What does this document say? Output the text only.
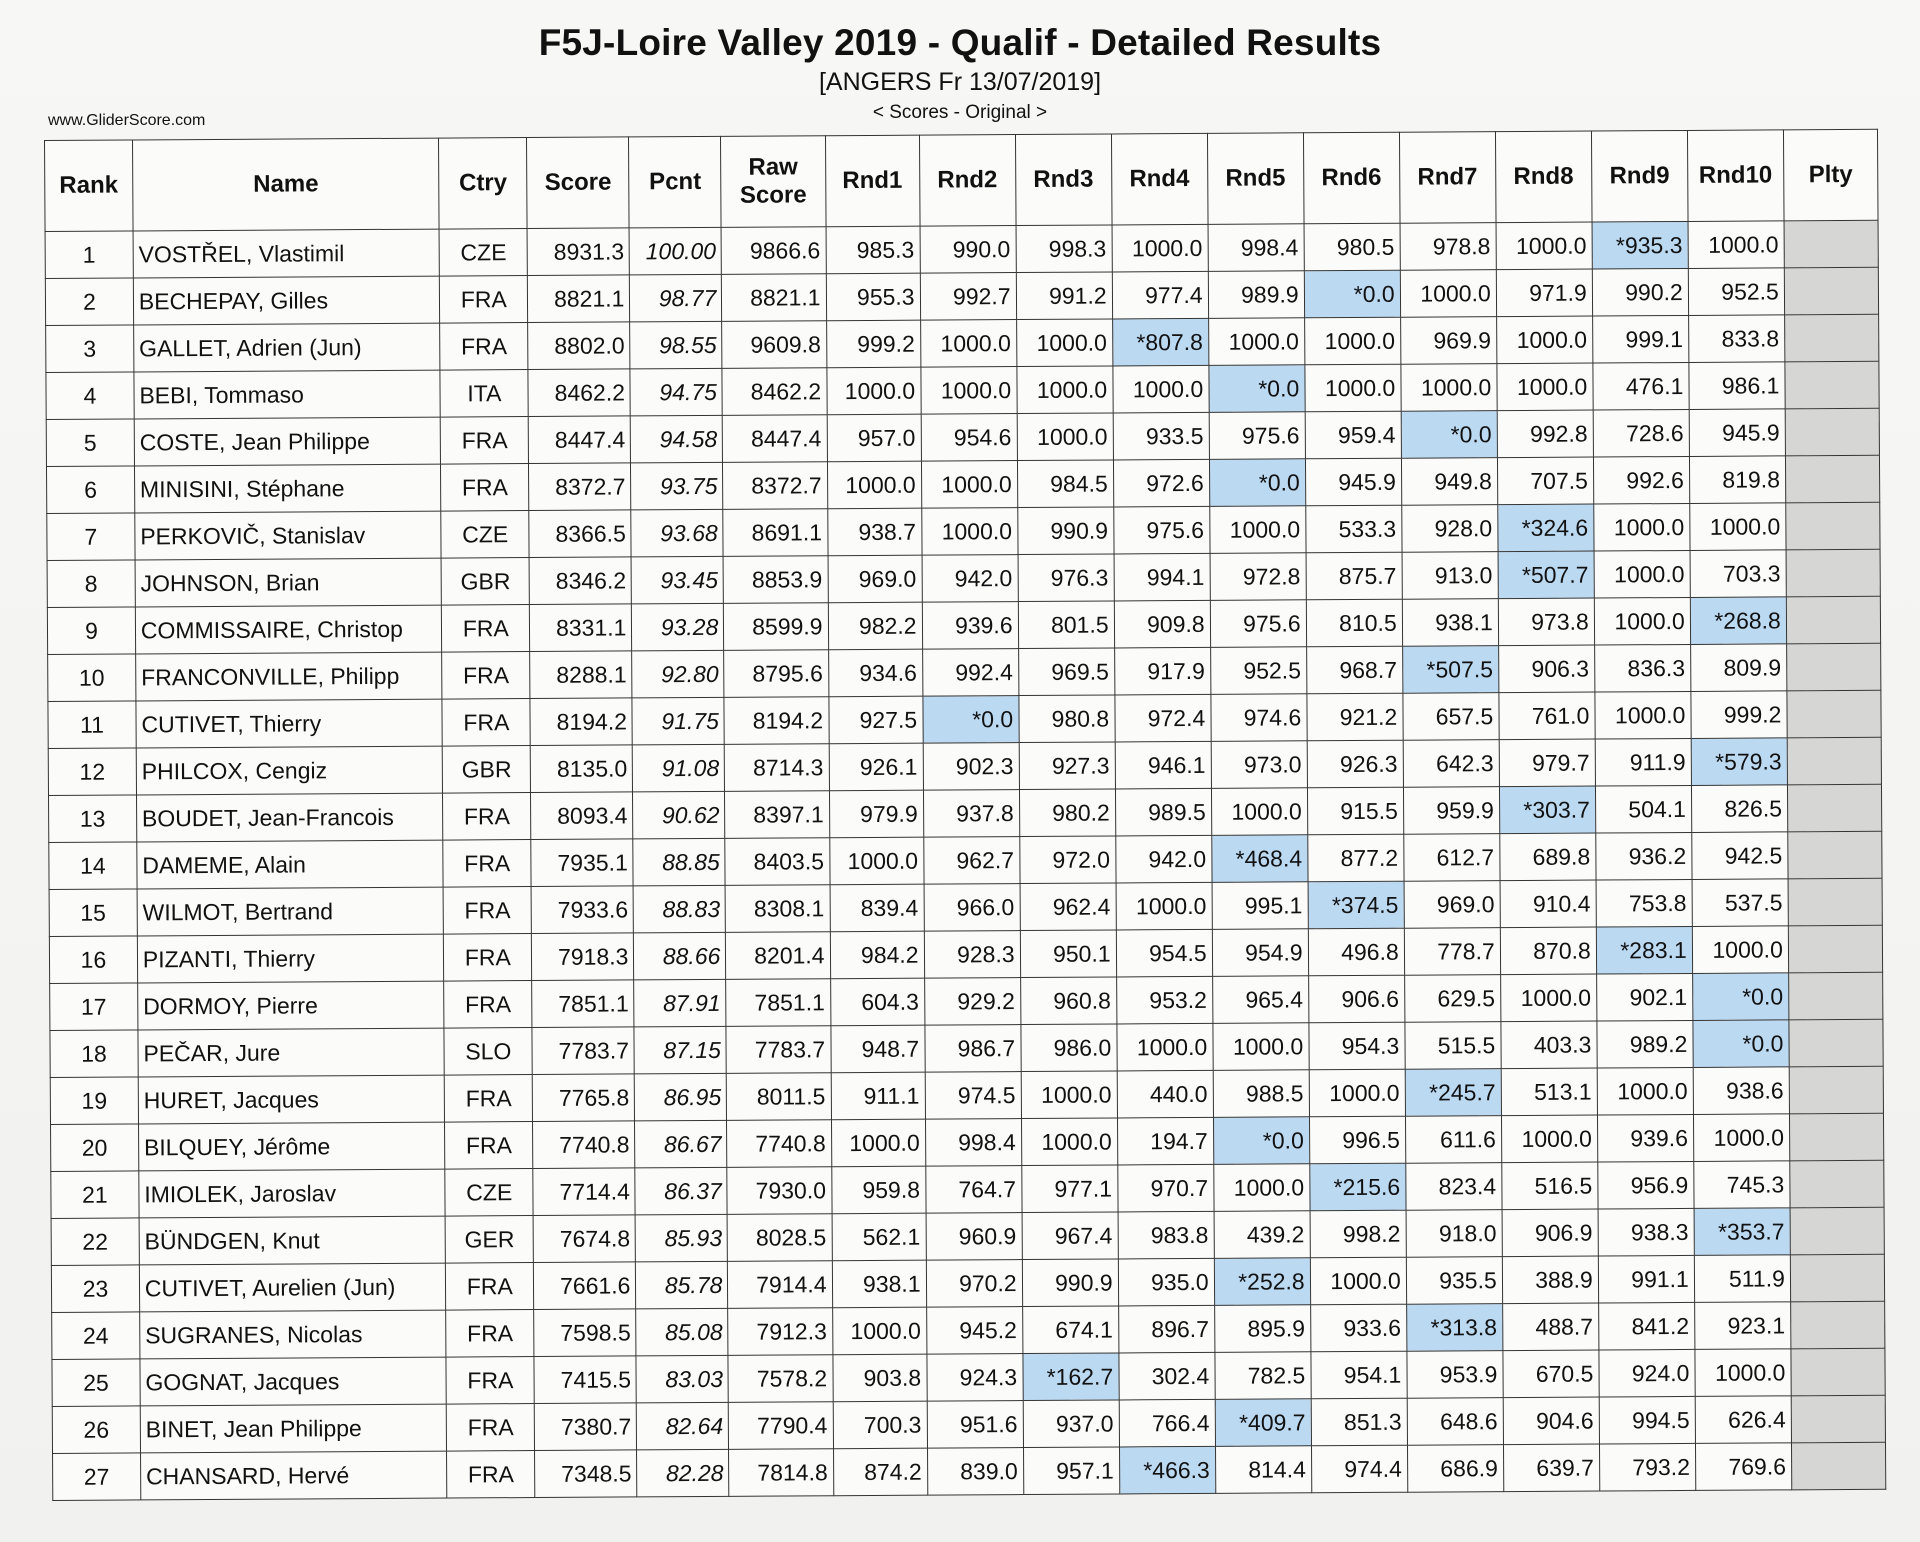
F5J-Loire Valley 2019 - Qualif - Detailed Results
[ANGERS Fr 13/07/2019]
< Scores - Original >
www.GliderScore.com
Rank	Name	Ctry	Score	Pcnt	Raw Score	Rnd1	Rnd2	Rnd3	Rnd4	Rnd5	Rnd6	Rnd7	Rnd8	Rnd9	Rnd10	Plty
1	VOSTŘEL, Vlastimil	CZE	8931.3	100.00	9866.6	985.3	990.0	998.3	1000.0	998.4	980.5	978.8	1000.0	*935.3	1000.0	
2	BECHEPAY, Gilles	FRA	8821.1	98.77	8821.1	955.3	992.7	991.2	977.4	989.9	*0.0	1000.0	971.9	990.2	952.5	
3	GALLET, Adrien (Jun)	FRA	8802.0	98.55	9609.8	999.2	1000.0	1000.0	*807.8	1000.0	1000.0	969.9	1000.0	999.1	833.8	
4	BEBI, Tommaso	ITA	8462.2	94.75	8462.2	1000.0	1000.0	1000.0	1000.0	*0.0	1000.0	1000.0	1000.0	476.1	986.1	
5	COSTE, Jean Philippe	FRA	8447.4	94.58	8447.4	957.0	954.6	1000.0	933.5	975.6	959.4	*0.0	992.8	728.6	945.9	
6	MINISINI, Stéphane	FRA	8372.7	93.75	8372.7	1000.0	1000.0	984.5	972.6	*0.0	945.9	949.8	707.5	992.6	819.8	
7	PERKOVIČ, Stanislav	CZE	8366.5	93.68	8691.1	938.7	1000.0	990.9	975.6	1000.0	533.3	928.0	*324.6	1000.0	1000.0	
8	JOHNSON, Brian	GBR	8346.2	93.45	8853.9	969.0	942.0	976.3	994.1	972.8	875.7	913.0	*507.7	1000.0	703.3	
9	COMMISSAIRE, Christop	FRA	8331.1	93.28	8599.9	982.2	939.6	801.5	909.8	975.6	810.5	938.1	973.8	1000.0	*268.8	
10	FRANCONVILLE, Philipp	FRA	8288.1	92.80	8795.6	934.6	992.4	969.5	917.9	952.5	968.7	*507.5	906.3	836.3	809.9	
11	CUTIVET, Thierry	FRA	8194.2	91.75	8194.2	927.5	*0.0	980.8	972.4	974.6	921.2	657.5	761.0	1000.0	999.2	
12	PHILCOX, Cengiz	GBR	8135.0	91.08	8714.3	926.1	902.3	927.3	946.1	973.0	926.3	642.3	979.7	911.9	*579.3	
13	BOUDET, Jean-Francois	FRA	8093.4	90.62	8397.1	979.9	937.8	980.2	989.5	1000.0	915.5	959.9	*303.7	504.1	826.5	
14	DAMEME, Alain	FRA	7935.1	88.85	8403.5	1000.0	962.7	972.0	942.0	*468.4	877.2	612.7	689.8	936.2	942.5	
15	WILMOT, Bertrand	FRA	7933.6	88.83	8308.1	839.4	966.0	962.4	1000.0	995.1	*374.5	969.0	910.4	753.8	537.5	
16	PIZANTI, Thierry	FRA	7918.3	88.66	8201.4	984.2	928.3	950.1	954.5	954.9	496.8	778.7	870.8	*283.1	1000.0	
17	DORMOY, Pierre	FRA	7851.1	87.91	7851.1	604.3	929.2	960.8	953.2	965.4	906.6	629.5	1000.0	902.1	*0.0	
18	PEČAR, Jure	SLO	7783.7	87.15	7783.7	948.7	986.7	986.0	1000.0	1000.0	954.3	515.5	403.3	989.2	*0.0	
19	HURET, Jacques	FRA	7765.8	86.95	8011.5	911.1	974.5	1000.0	440.0	988.5	1000.0	*245.7	513.1	1000.0	938.6	
20	BILQUEY, Jérôme	FRA	7740.8	86.67	7740.8	1000.0	998.4	1000.0	194.7	*0.0	996.5	611.6	1000.0	939.6	1000.0	
21	IMIOLEK, Jaroslav	CZE	7714.4	86.37	7930.0	959.8	764.7	977.1	970.7	1000.0	*215.6	823.4	516.5	956.9	745.3	
22	BÜNDGEN, Knut	GER	7674.8	85.93	8028.5	562.1	960.9	967.4	983.8	439.2	998.2	918.0	906.9	938.3	*353.7	
23	CUTIVET, Aurelien (Jun)	FRA	7661.6	85.78	7914.4	938.1	970.2	990.9	935.0	*252.8	1000.0	935.5	388.9	991.1	511.9	
24	SUGRANES, Nicolas	FRA	7598.5	85.08	7912.3	1000.0	945.2	674.1	896.7	895.9	933.6	*313.8	488.7	841.2	923.1	
25	GOGNAT, Jacques	FRA	7415.5	83.03	7578.2	903.8	924.3	*162.7	302.4	782.5	954.1	953.9	670.5	924.0	1000.0	
26	BINET, Jean Philippe	FRA	7380.7	82.64	7790.4	700.3	951.6	937.0	766.4	*409.7	851.3	648.6	904.6	994.5	626.4	
27	CHANSARD, Hervé	FRA	7348.5	82.28	7814.8	874.2	839.0	957.1	*466.3	814.4	974.4	686.9	639.7	793.2	769.6	
